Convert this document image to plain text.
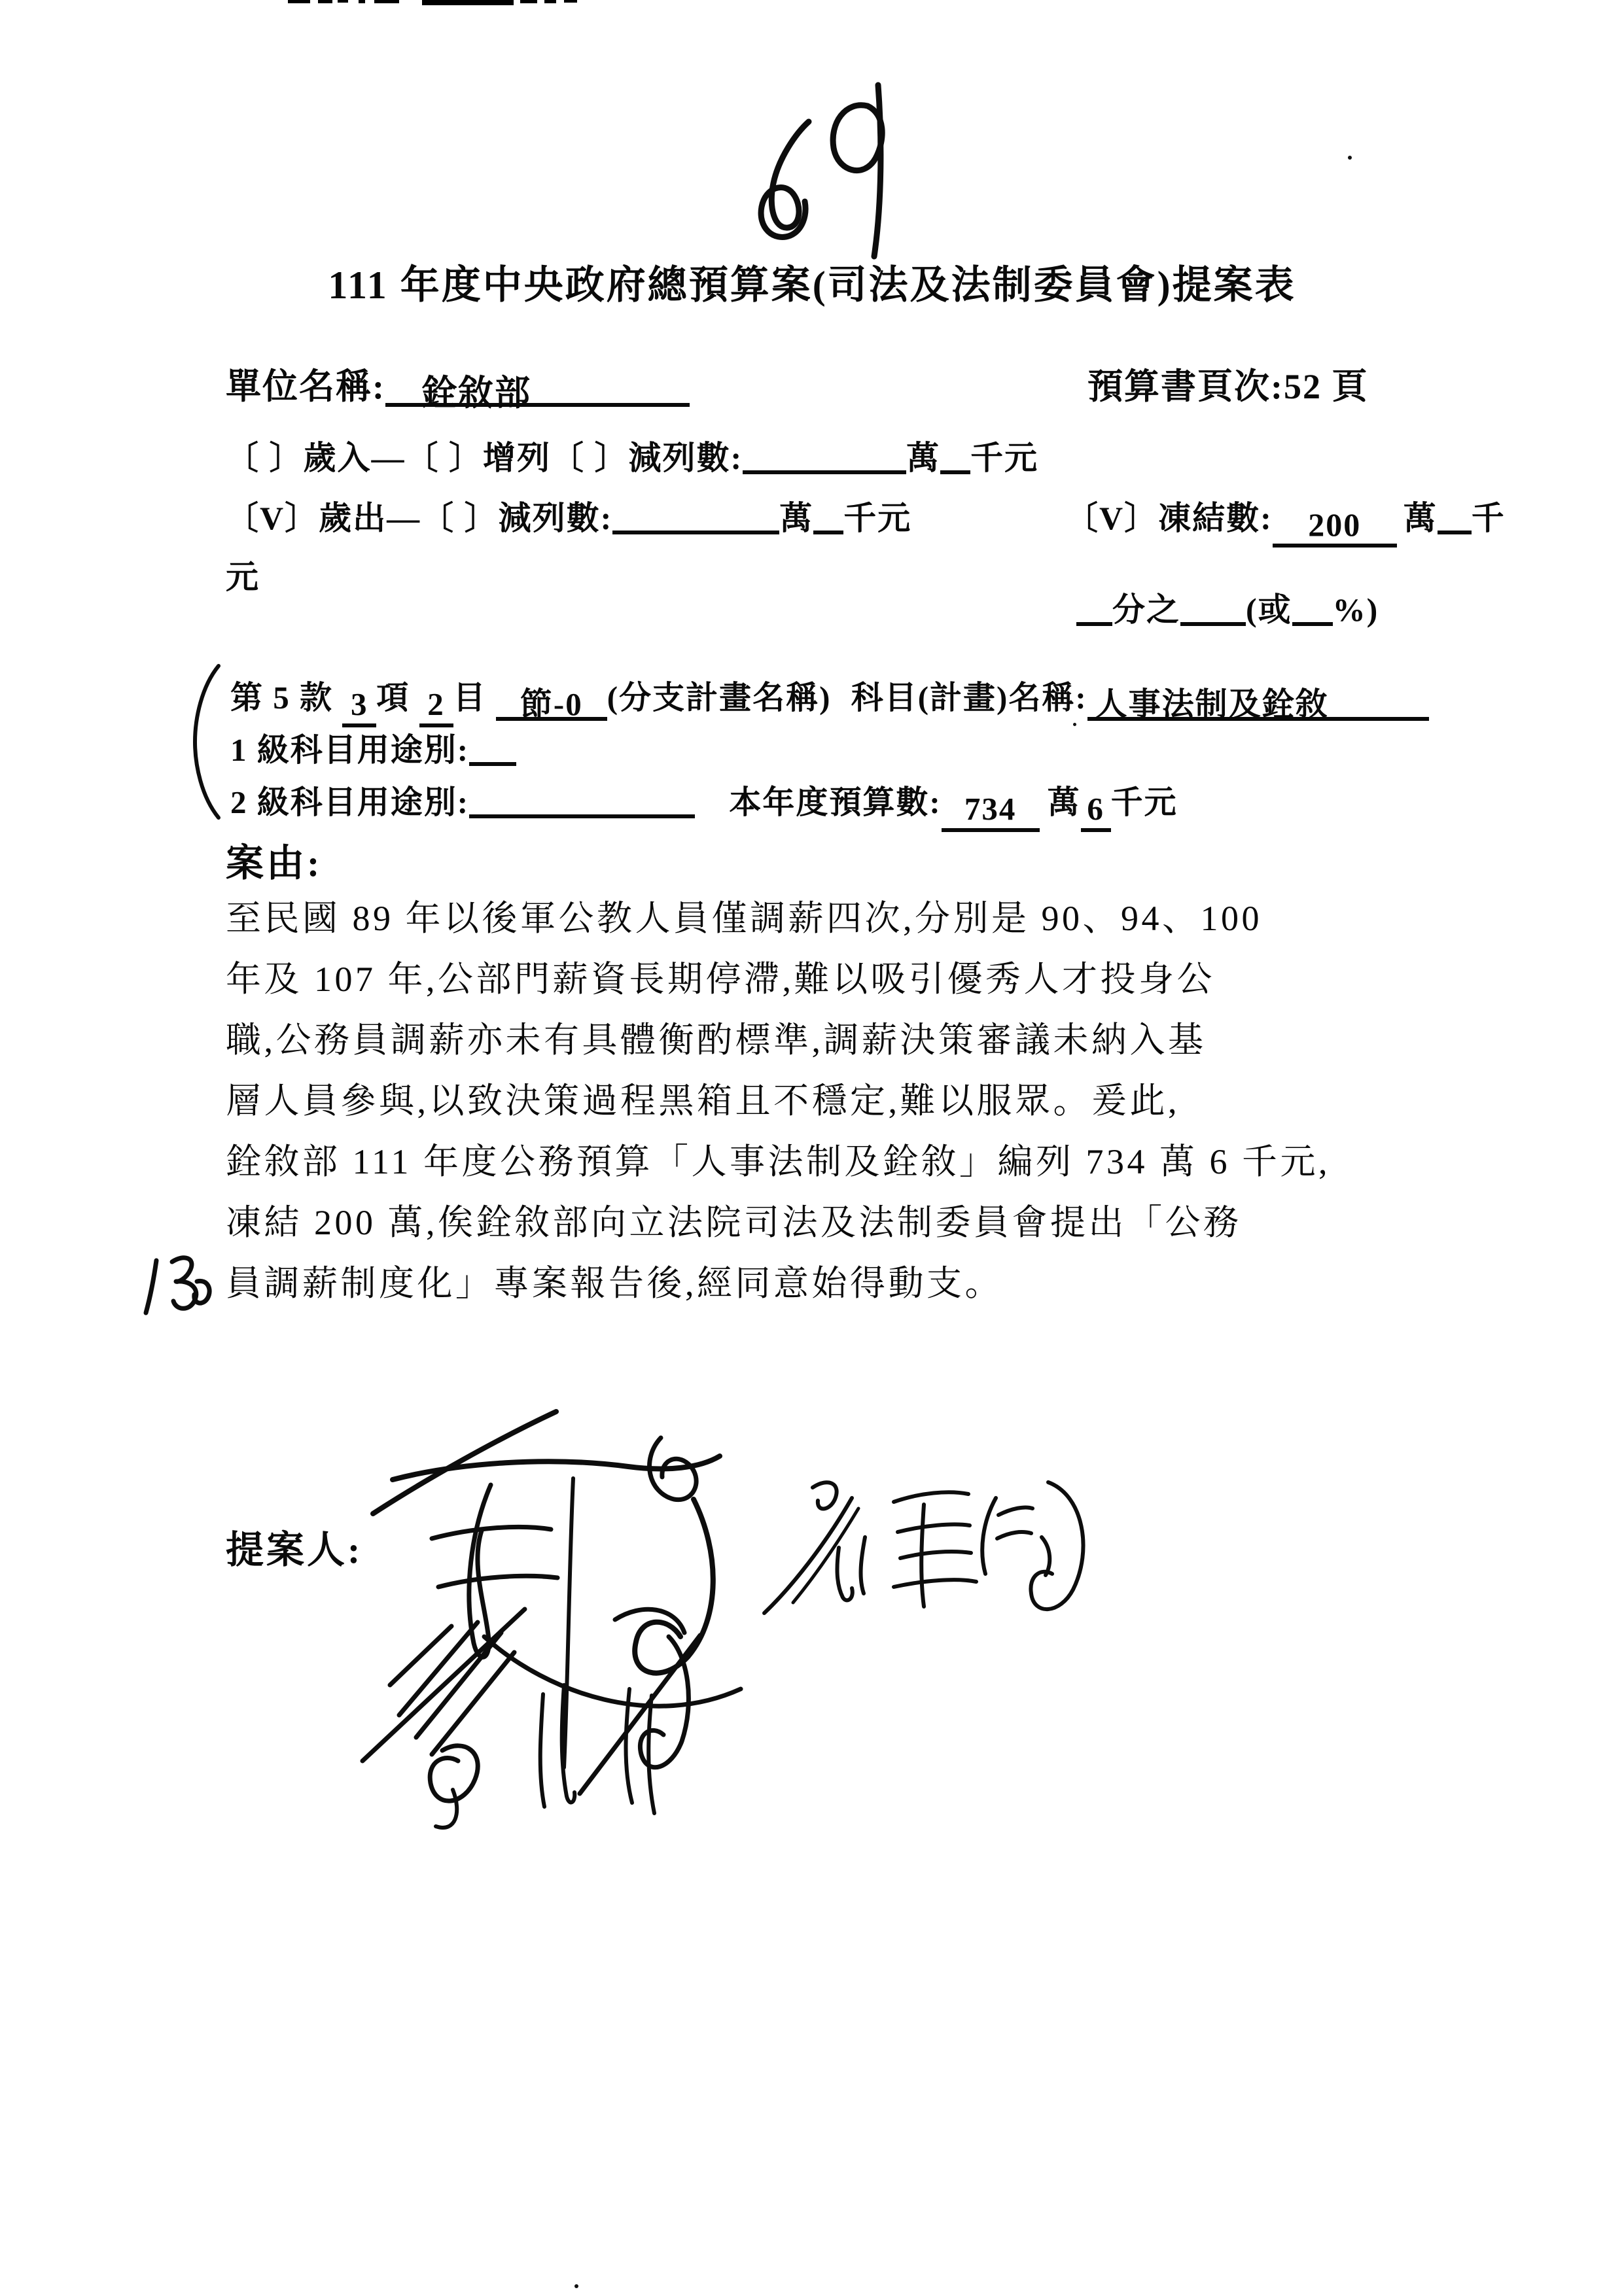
111 年度中央政府總預算案(司法及法制委員會)提案表
單位名稱: 銓敘部	預算書頁次:52 頁
〔 〕歲入—〔 〕增列〔 〕減列數:	萬 千元
〔V〕歲出—〔 〕減列數:	萬 千元	〔V〕凍結數: 200 萬 千
元
分之 (或 %)
第 5 款 3 項 2 目 節-0 (分支計畫名稱) 科目(計畫)名稱: 人事法制及銓敘
1 級科目用途別:
2 級科目用途別:	本年度預算數: 734 萬 6 千元
案由:
至民國 89 年以後軍公教人員僅調薪四次,分別是 90、94、100
年及 107 年,公部門薪資長期停滯,難以吸引優秀人才投身公
職,公務員調薪亦未有具體衡酌標準,調薪決策審議未納入基
層人員參與,以致決策過程黑箱且不穩定,難以服眾。爰此,
銓敘部 111 年度公務預算「人事法制及銓敘」編列 734 萬 6 千元,
凍結 200 萬,俟銓敘部向立法院司法及法制委員會提出「公務
員調薪制度化」專案報告後,經同意始得動支。
提案人:
